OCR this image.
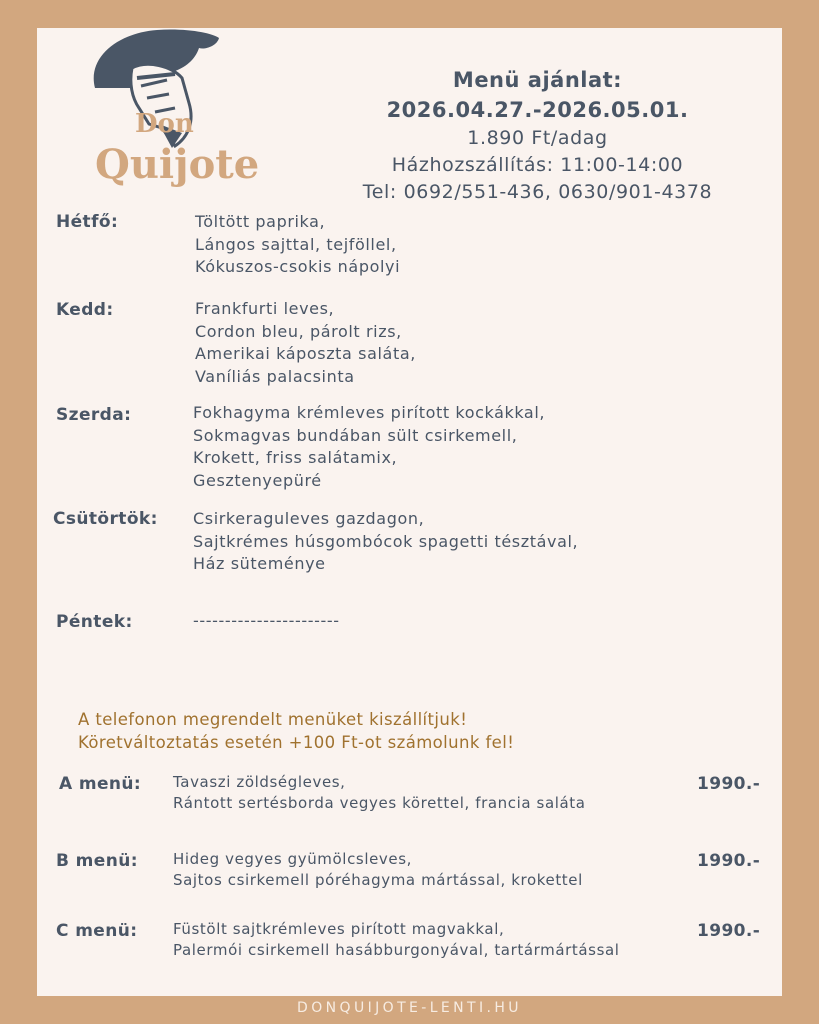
Don
Quijote
Menü ajánlat:
2026.04.27.-2026.05.01.
1.890 Ft/adag
Házhozszállítás: 11:00-14:00
Tel: 0692/551-436, 0630/901-4378
Hétfő:	Töltött paprika,
Lángos sajttal, tejföllel,
Kókuszos-csokis nápolyi
Kedd:	Frankfurti leves,
Cordon bleu, párolt rizs,
Amerikai káposzta saláta,
Vaníliás palacsinta
Szerda:	Fokhagyma krémleves pirított kockákkal,
Sokmagvas bundában sült csirkemell,
Krokett, friss salátamix,
Gesztenyepüré
Csütörtök: Csirkeraguleves gazdagon,
Sajtkrémes húsgombócok spagetti tésztával,
Ház süteménye
Péntek:	-----------------------
A telefonon megrendelt menüket kiszállítjuk!
Köretváltoztatás esetén +100 Ft-ot számolunk fel!
A menü: Tavaszi zöldségleves,
Rántott sertésborda vegyes körettel, francia saláta
1990.-
B menü: Hideg vegyes gyümölcsleves,
Sajtos csirkemell póréhagyma mártással, krokettel
1990.-
C menü: Füstölt sajtkrémleves pirított magvakkal,
Palermói csirkemell hasábburgonyával, tartármártással
1990.-
DONQUIJOTE-LENTI.HU
